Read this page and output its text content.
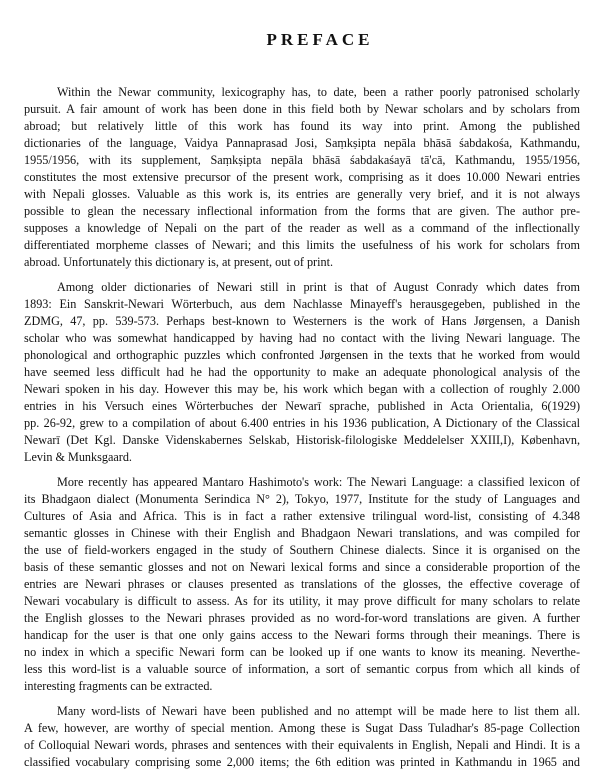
PREFACE

Within the Newar community, lexicography has, to date, been a rather poorly patronised scholarly
pursuit. A fair amount of work has been done in this field both by Newar scholars and by scholars from
abroad; but relatively little of this work has found its way into print. Among the published
dictionaries of the language, Vaidya Pannaprasad Josi, Saṃkṣipta nepāla bhāsā śabdakośa, Kathmandu,
1955/1956, with its supplement, Saṃkṣipta nepāla bhāsā śabdakaśayā tā'cā, Kathmandu, 1955/1956,
constitutes the most extensive precursor of the present work, comprising as it does 10.000 Newari entries
with Nepali glosses. Valuable as this work is, its entries are generally very brief, and it is not always
possible to glean the necessary inflectional information from the forms that are given. The author pre-
supposes a knowledge of Nepali on the part of the reader as well as a command of the inflectionally
differentiated morpheme classes of Newari; and this limits the usefulness of his work for scholars from
abroad. Unfortunately this dictionary is, at present, out of print.

Among older dictionaries of Newari still in print is that of August Conrady which dates from
1893: Ein Sanskrit-Newari Wörterbuch, aus dem Nachlasse Minayeff's herausgegeben, published in the
ZDMG, 47, pp. 539-573. Perhaps best-known to Westerners is the work of Hans Jørgensen, a Danish
scholar who was somewhat handicapped by having had no contact with the living Newari language. The
phonological and orthographic puzzles which confronted Jørgensen in the texts that he worked from would
have seemed less difficult had he had the opportunity to make an adequate phonological analysis of the
Newari spoken in his day. However this may be, his work which began with a collection of roughly 2.000
entries in his Versuch eines Wörterbuches der Newarī sprache, published in Acta Orientalia, 6(1929)
pp. 26-92, grew to a compilation of about 6.400 entries in his 1936 publication, A Dictionary of the Classical
Newarī (Det Kgl. Danske Videnskabernes Selskab, Historisk-filologiske Meddelelser XXIII,I), København,
Levin & Munksgaard.

More recently has appeared Mantaro Hashimoto's work: The Newari Language: a classified lexicon of
its Bhadgaon dialect (Monumenta Serindica N° 2), Tokyo, 1977, Institute for the study of Languages and
Cultures of Asia and Africa. This is in fact a rather extensive trilingual word-list, consisting of 4.348
semantic glosses in Chinese with their English and Bhadgaon Newari translations, and was compiled for
the use of field-workers engaged in the study of Southern Chinese dialects. Since it is organised on the
basis of these semantic glosses and not on Newari lexical forms and since a considerable proportion of the
entries are Newari phrases or clauses presented as translations of the glosses, the effective coverage of
Newari vocabulary is difficult to assess. As for its utility, it may prove difficult for many scholars to relate
the English glosses to the Newari phrases provided as no word-for-word translations are given. A further
handicap for the user is that one only gains access to the Newari forms through their meanings. There is
no index in which a specific Newari form can be looked up if one wants to know its meaning. Neverthe-
less this word-list is a valuable source of information, a sort of semantic corpus from which all kinds of
interesting fragments can be extracted.

Many word-lists of Newari have been published and no attempt will be made here to list them all.
A few, however, are worthy of special mention. Among these is Sugat Dass Tuladhar's 85-page Collection
of Colloquial Newari words, phrases and sentences with their equivalents in English, Nepali and Hindi. It is a
classified vocabulary comprising some 2,000 items; the 6th edition was printed in Kathmandu in 1965 and
